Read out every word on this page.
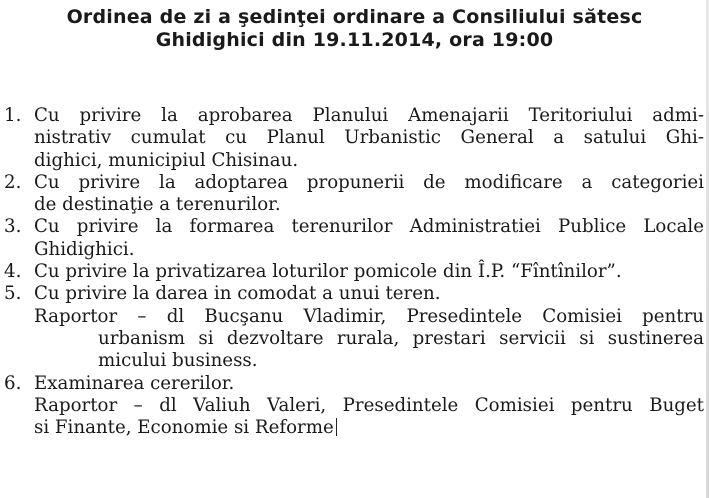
Ordinea de zi a şedinţei ordinare a Consiliului sătesc
Ghidighici din 19.11.2014, ora 19:00
1. Cu privire la aprobarea Planului Amenajarii Teritoriului admi-
nistrativ cumulat cu Planul Urbanistic General a satului Ghi-
dighici, municipiul Chisinau.
2. Cu privire la adoptarea propunerii de modificare a categoriei
de destinaţie a terenurilor.
3. Cu privire la formarea terenurilor Administratiei Publice Locale
Ghidighici.
4. Cu privire la privatizarea loturilor pomicole din Î.P. “Fîntînilor”.
5. Cu privire la darea in comodat a unui teren.
Raportor – dl Bucşanu Vladimir, Presedintele Comisiei pentru
urbanism si dezvoltare rurala, prestari servicii si sustinerea
micului business.
6. Examinarea cererilor.
Raportor – dl Valiuh Valeri, Presedintele Comisiei pentru Buget
si Finante, Economie si Reforme
